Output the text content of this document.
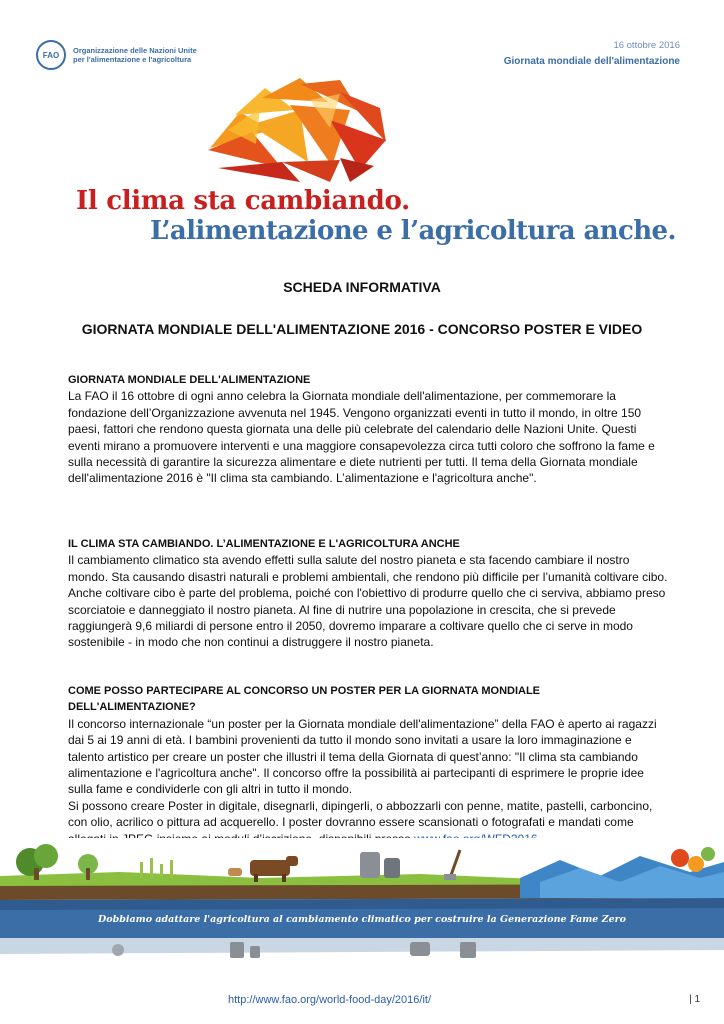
FAO	Organizzazione delle Nazioni Unite
per l'alimentazione e l'agricoltura
16 ottobre 2016
Giornata mondiale dell'alimentazione
Il clima sta cambiando.
L’alimentazione e l’agricoltura anche.
SCHEDA INFORMATIVA
GIORNATA MONDIALE DELL'ALIMENTAZIONE 2016 - CONCORSO POSTER E VIDEO
GIORNATA MONDIALE DELL'ALIMENTAZIONE

La FAO il 16 ottobre di ogni anno celebra la Giornata mondiale dell'alimentazione, per commemorare la fondazione dell’Organizzazione avvenuta nel 1945. Vengono organizzati eventi in tutto il mondo, in oltre 150 paesi, fattori che rendono questa giornata una delle più celebrate del calendario delle Nazioni Unite. Questi eventi mirano a promuovere interventi e una maggiore consapevolezza circa tutti coloro che soffrono la fame e sulla necessità di garantire la sicurezza alimentare e diete nutrienti per tutti. Il tema della Giornata mondiale dell'alimentazione 2016 è "Il clima sta cambiando. L’alimentazione e l'agricoltura anche".

IL CLIMA STA CAMBIANDO. L’ALIMENTAZIONE E L'AGRICOLTURA ANCHE

Il cambiamento climatico sta avendo effetti sulla salute del nostro pianeta e sta facendo cambiare il nostro mondo. Sta causando disastri naturali e problemi ambientali, che rendono più difficile per l’umanità coltivare cibo. Anche coltivare cibo è parte del problema, poiché con l'obiettivo di produrre quello che ci serviva, abbiamo preso scorciatoie e danneggiato il nostro pianeta. Al fine di nutrire una popolazione in crescita, che si prevede raggiungerà 9,6 miliardi di persone entro il 2050, dovremo imparare a coltivare quello che ci serve in modo sostenibile - in modo che non continui a distruggere il nostro pianeta.

COME POSSO PARTECIPARE AL CONCORSO UN POSTER PER LA GIORNATA MONDIALE DELL'ALIMENTAZIONE?

Il concorso internazionale “un poster per la Giornata mondiale dell'alimentazione” della FAO è aperto ai ragazzi dai 5 ai 19 anni di età. I bambini provenienti da tutto il mondo sono invitati a usare la loro immaginazione e talento artistico per creare un poster che illustri il tema della Giornata di quest’anno: "Il clima sta cambiando alimentazione e l'agricoltura anche". Il concorso offre la possibilità ai partecipanti di esprimere le proprie idee sulla fame e condividerle con gli altri in tutto il mondo.

Si possono creare Poster in digitale, disegnarli, dipingerli, o abbozzarli con penne, matite, pastelli, carboncino, con olio, acrilico o pittura ad acquerello. I poster dovranno essere scansionati o fotografati e mandati come

Dobbiamo adattare l'agricoltura al cambiamento climatico per costruire la Generazione Fame Zero
http://www.fao.org/world-food-day/2016/it/	| 1
